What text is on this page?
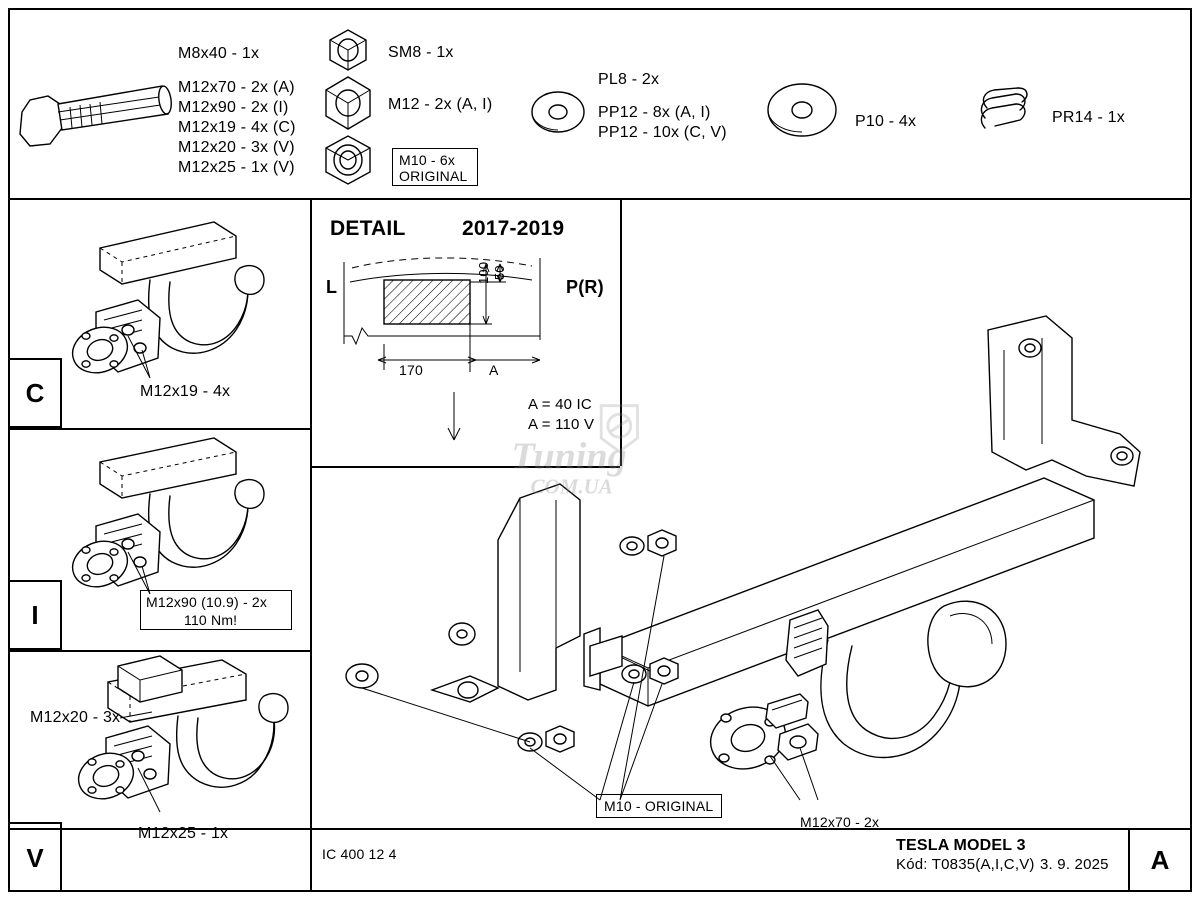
M8x40 - 1x
M12x70 - 2x (A)
M12x90 - 2x (I)
M12x19 - 4x (C)
M12x20 - 3x (V)
M12x25 - 1x (V)
SM8 - 1x
M12 - 2x (A, I)
M10 - 6x
ORIGINAL
PL8 - 2x
PP12 - 8x (A, I)
PP12 - 10x (C, V)
P10 - 4x	PR14 - 1x
C	M12x19 - 4x
I	M12x90 (10.9) - 2x
110 Nm!
V
M12x20 - 3x
M12x25 - 1x
DETAIL	2017-2019
L	P(R)
170	A
100 50
A = 40 IC
A = 110 V
M10 - ORIGINAL
M12x70 - 2x
Tuning
COM.UA
IC 400 12 4	TESLA MODEL 3
Kód: T0835(A,I,C,V) 3. 9. 2025	A
